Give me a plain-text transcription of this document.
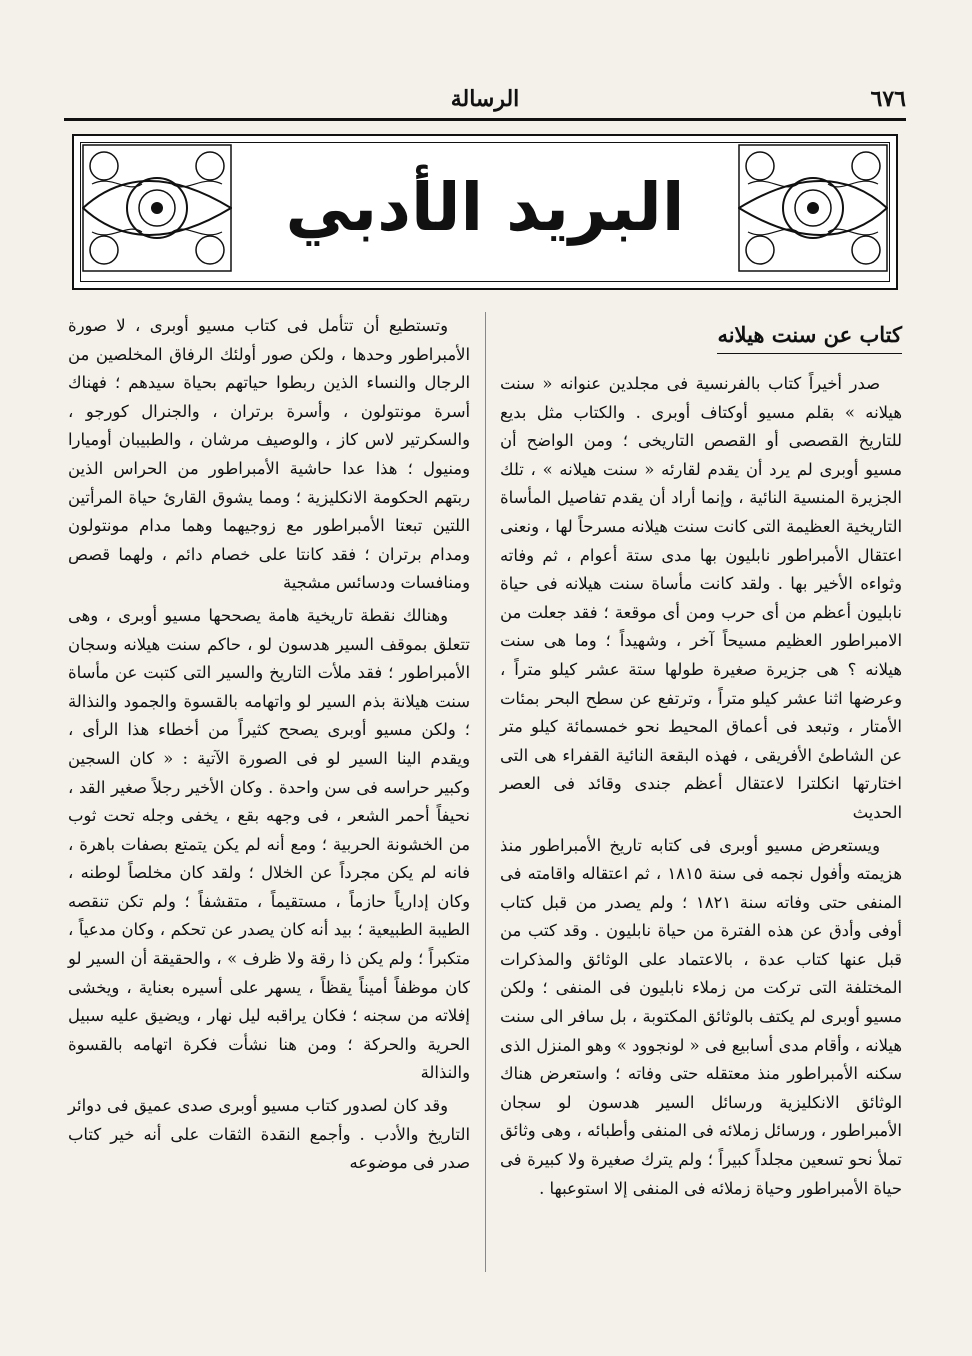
٦٧٦
الرسالة
البريد الأدبي
كتاب عن سنت هيلانه

صدر أخيراً كتاب بالفرنسية فى مجلدين عنوانه « سنت هيلانه » بقلم مسيو أوكتاف أوبرى . والكتاب مثل بديع للتاريخ القصصى أو القصص التاريخى ؛ ومن الواضح أن مسيو أوبرى لم يرد أن يقدم لقارئه « سنت هيلانه » ، تلك الجزيرة المنسية النائية ، وإنما أراد أن يقدم تفاصيل المأساة التاريخية العظيمة التى كانت سنت هيلانه مسرحاً لها ، ونعنى اعتقال الأمبراطور نابليون بها مدى ستة أعوام ، ثم وفاته وثواءه الأخير بها . ولقد كانت مأساة سنت هيلانه فى حياة نابليون أعظم من أى حرب ومن أى موقعة ؛ فقد جعلت من الامبراطور العظيم مسيحاً آخر ، وشهيداً ؛ وما هى سنت هيلانه ؟ هى جزيرة صغيرة طولها ستة عشر كيلو متراً ، وعرضها اثنا عشر كيلو متراً ، وترتفع عن سطح البحر بمئات الأمتار ، وتبعد فى أعماق المحيط نحو خمسمائة كيلو متر عن الشاطئ الأفريقى ، فهذه البقعة النائية القفراء هى التى اختارتها انكلترا لاعتقال أعظم جندى وقائد فى العصر الحديث

ويستعرض مسيو أوبرى فى كتابه تاريخ الأمبراطور منذ هزيمته وأفول نجمه فى سنة ١٨١٥ ، ثم اعتقاله واقامته فى المنفى حتى وفاته سنة ١٨٢١ ؛ ولم يصدر من قبل كتاب أوفى وأدق عن هذه الفترة من حياة نابليون . وقد كتب من قبل عنها كتاب عدة ، بالاعتماد على الوثائق والمذكرات المختلفة التى تركت من زملاء نابليون فى المنفى ؛ ولكن مسيو أوبرى لم يكتف بالوثائق المكتوبة ، بل سافر الى سنت هيلانه ، وأقام مدى أسابيع فى « لونجوود » وهو المنزل الذى سكنه الأمبراطور منذ معتقله حتى وفاته ؛ واستعرض هناك الوثائق الانكليزية ورسائل السير هدسون لو سجان الأمبراطور ، ورسائل زملائه فى المنفى وأطبائه ، وهى وثائق تملأ نحو تسعين مجلداً كبيراً ؛ ولم يترك صغيرة ولا كبيرة فى حياة الأمبراطور وحياة زملائه فى المنفى إلا استوعبها .

وتستطيع أن تتأمل فى كتاب مسيو أوبرى ، لا صورة الأمبراطور وحدها ، ولكن صور أولئك الرفاق المخلصين من الرجال والنساء الذين ربطوا حياتهم بحياة سيدهم ؛ فهناك أسرة مونتولون ، وأسرة برتران ، والجنرال كورجو ، والسكرتير لاس كاز ، والوصيف مرشان ، والطبيبان أوميارا ومنيول ؛ هذا عدا حاشية الأمبراطور من الحراس الذين ربتهم الحكومة الانكليزية ؛ ومما يشوق القارئ حياة المرأتين اللتين تبعتا الأمبراطور مع زوجيهما وهما مدام مونتولون ومدام برتران ؛ فقد كانتا على خصام دائم ، ولهما قصص ومنافسات ودسائس مشجية

وهنالك نقطة تاريخية هامة يصححها مسيو أوبرى ، وهى تتعلق بموقف السير هدسون لو ، حاكم سنت هيلانه وسجان الأمبراطور ؛ فقد ملأت التاريخ والسير التى كتبت عن مأساة سنت هيلانة بذم السير لو واتهامه بالقسوة والجمود والنذالة ؛ ولكن مسيو أوبرى يصحح كثيراً من أخطاء هذا الرأى ، ويقدم الينا السير لو فى الصورة الآتية : « كان السجين وكبير حراسه فى سن واحدة . وكان الأخير رجلاً صغير القد ، نحيفاً أحمر الشعر ، فى وجهه بقع ، يخفى وجله تحت ثوب من الخشونة الحربية ؛ ومع أنه لم يكن يتمتع بصفات باهرة ، فانه لم يكن مجرداً عن الخلال ؛ ولقد كان مخلصاً لوطنه ، وكان إدارياً حازماً ، مستقيماً ، متقشفاً ؛ ولم تكن تنقصه الطيبة الطبيعية ؛ بيد أنه كان يصدر عن تحكم ، وكان مدعياً ، متكبراً ؛ ولم يكن ذا رقة ولا ظرف » ، والحقيقة أن السير لو كان موظفاً أميناً يقظاً ، يسهر على أسيره بعناية ، ويخشى إفلاته من سجنه ؛ فكان يراقبه ليل نهار ، ويضيق عليه سبيل الحرية والحركة ؛ ومن هنا نشأت فكرة اتهامه بالقسوة والنذالة

وقد كان لصدور كتاب مسيو أوبرى صدى عميق فى دوائر التاريخ والأدب . وأجمع النقدة الثقات على أنه خير كتاب صدر فى موضوعه
